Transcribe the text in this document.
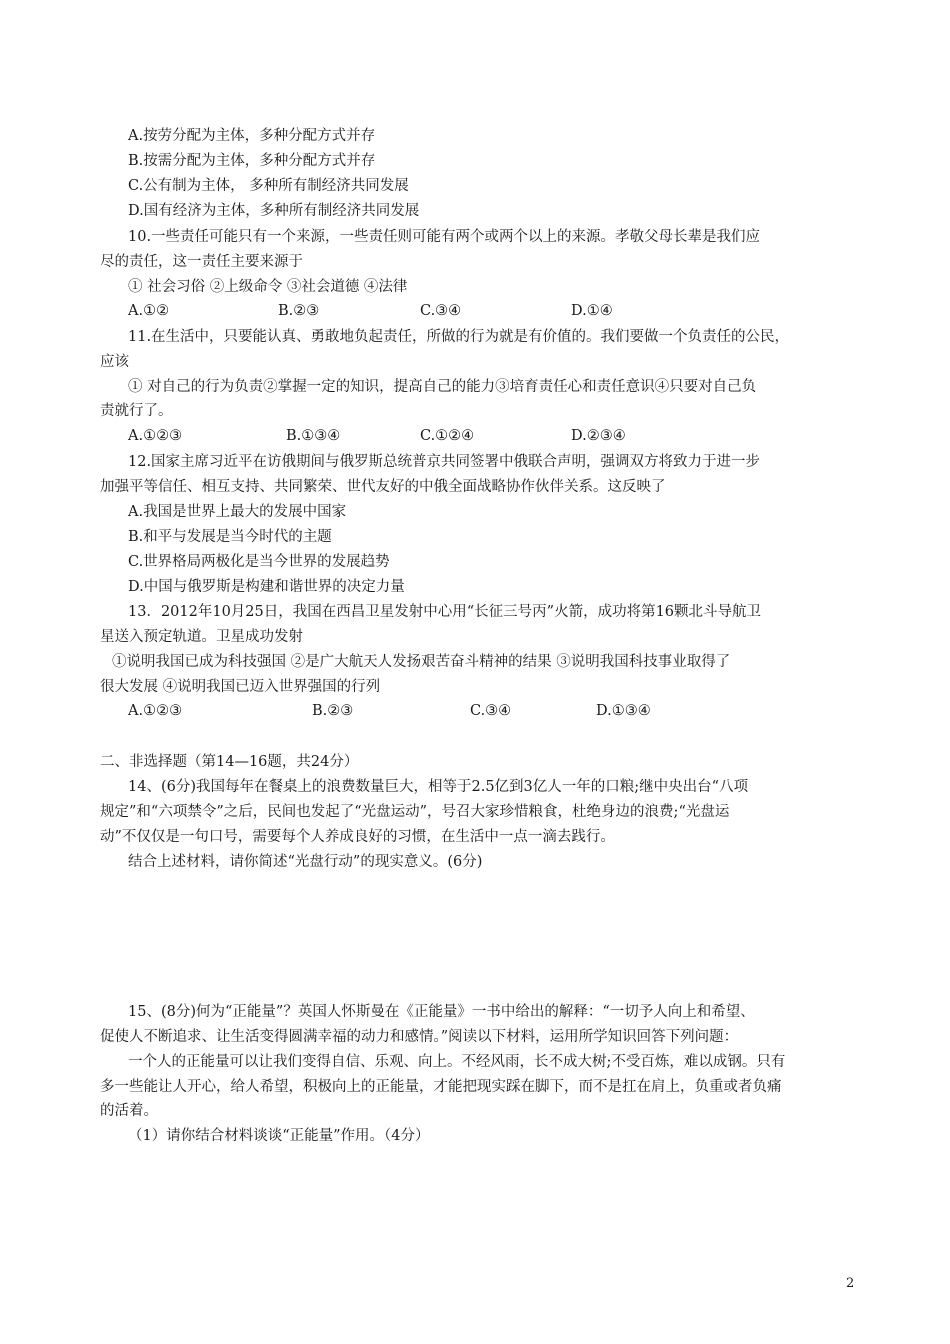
A.按劳分配为主体，多种分配方式并存
B.按需分配为主体，多种分配方式并存
C.公有制为主体， 多种所有制经济共同发展
D.国有经济为主体，多种所有制经济共同发展
10.一些责任可能只有一个来源，一些责任则可能有两个或两个以上的来源。孝敬父母长辈是我们应
尽的责任，这一责任主要来源于
① 社会习俗 ②上级命令 ③社会道德 ④法律
A.①②	B.②③	C.③④	D.①④
11.在生活中，只要能认真、勇敢地负起责任，所做的行为就是有价值的。我们要做一个负责任的公民，
应该
① 对自己的行为负责②掌握一定的知识，提高自己的能力③培育责任心和责任意识④只要对自己负
责就行了。
A.①②③	B.①③④	C.①②④	D.②③④
12.国家主席习近平在访俄期间与俄罗斯总统普京共同签署中俄联合声明，强调双方将致力于进一步
加强平等信任、相互支持、共同繁荣、世代友好的中俄全面战略协作伙伴关系。这反映了
A.我国是世界上最大的发展中国家
B.和平与发展是当今时代的主题
C.世界格局两极化是当今世界的发展趋势
D.中国与俄罗斯是构建和谐世界的决定力量
13．2012年10月25日，我国在西昌卫星发射中心用“长征三号丙”火箭，成功将第16颗北斗导航卫
星送入预定轨道。卫星成功发射
①说明我国已成为科技强国 ②是广大航天人发扬艰苦奋斗精神的结果 ③说明我国科技事业取得了
很大发展 ④说明我国已迈入世界强国的行列
A.①②③	B.②③	C.③④	D.①③④
二、非选择题（第14—16题，共24分）
14、(6分)我国每年在餐桌上的浪费数量巨大，相等于2.5亿到3亿人一年的口粮;继中央出台“八项
规定”和“六项禁令”之后，民间也发起了“光盘运动”，号召大家珍惜粮食，杜绝身边的浪费;“光盘运
动”不仅仅是一句口号，需要每个人养成良好的习惯，在生活中一点一滴去践行。
结合上述材料，请你简述“光盘行动”的现实意义。(6分)
15、(8分)何为“正能量”？英国人怀斯曼在《正能量》一书中给出的解释：“一切予人向上和希望、
促使人不断追求、让生活变得圆满幸福的动力和感情。”阅读以下材料，运用所学知识回答下列问题：
一个人的正能量可以让我们变得自信、乐观、向上。不经风雨，长不成大树;不受百炼，难以成钢。只有
多一些能让人开心，给人希望，积极向上的正能量，才能把现实踩在脚下，而不是扛在肩上，负重或者负痛
的活着。
（1）请你结合材料谈谈“正能量”作用。（4分）
2
